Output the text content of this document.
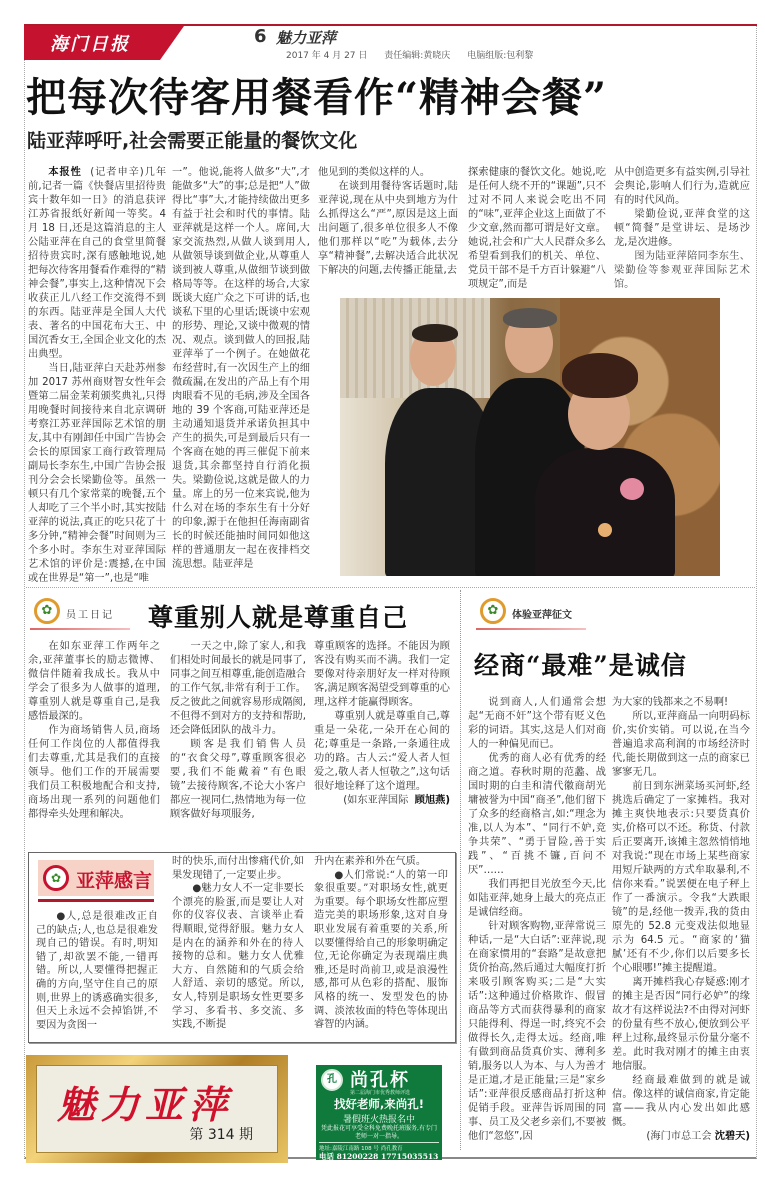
海门日报	6 魅力亚萍
2017 年 4 月 27 日 责任编辑:黄晓庆 电脑组版:包利黎
把每次待客用餐看作“精神会餐”
陆亚萍呼吁,社会需要正能量的餐饮文化

本报性 (记者申辛)几年前,记者一篇《快餐店里招待贵宾十数年如一日》的消息获评江苏省报纸好新闻一等奖。4 月 18 日,还是这篇消息的主人公陆亚萍在自己的食堂里简餐招待贵宾时,深有感触地说,她把每次待客用餐看作难得的“精神会餐”,事实上,这种情况下会收获正儿八经工作交流得不到的东西。陆亚萍是全国人大代表、著名的中国花布大王、中国沉香女王,全国企业文化的杰出典型。

当日,陆亚萍白天赴苏州参加 2017 苏州商财智女性年会暨第二届金茉莉颁奖典礼,只得用晚餐时间接待来自北京调研考察江苏亚萍国际艺术馆的朋友,其中有刚卸任中国广告协会会长的原国家工商行政管理局副局长李东生,中国广告协会报刊分会会长梁勤俭等。虽然一顿只有几个家常菜的晚餐,五个人却吃了三个半小时,其实按陆亚萍的说法,真正的吃只花了十多分钟,“精神会餐”时间则为三个多小时。李东生对亚萍国际艺术馆的评价是:震撼,在中国或在世界是“第一”,也是“唯

一”。他说,能将人做多“大”,才能做多“大”的事;总是把“人”做得比“事”大,才能持续做出更多有益于社会和时代的事情。陆亚萍就是这样一个人。席间,大家交流热烈,从做人谈到用人,从做领导谈到做企业,从尊重人谈到被人尊重,从做细节谈到做格局等等。在这样的场合,大家既谈大庭广众之下可讲的话,也谈私下里的心里话;既谈中宏观的形势、理论,又谈中微观的情况、观点。谈到做人的回报,陆亚萍举了一个例子。在她做花布经营时,有一次因生产上的细微疏漏,在发出的产品上有个用肉眼看不见的毛病,涉及全国各地的 39 个客商,可陆亚萍还是主动通知退货并承诺负担其中产生的损失,可是到最后只有一个客商在她的再三催促下前来退货,其余都坚持自行消化损失。梁勤俭说,这就是做人的力量。席上的另一位来宾说,他为什么对在场的李东生有十分好的印象,源于在他担任海南副省长的时候还能抽时间同如他这样的普通朋友一起在夜排档交流思想。陆亚萍是

他见到的类似这样的人。

在谈到用餐待客话题时,陆亚萍说,现在从中央到地方为什么抓得这么“严”,原因是这上面出问题了,很多单位很多人不像他们那样以“吃”为载体,去分享“精神餐”,去解决适合此状况下解决的问题,去传播正能量,去

探索健康的餐饮文化。她说,吃是任何人绕不开的“课题”,只不过对不同人来说会吃出不同的“味”,亚萍企业这上面做了不少文章,然而都可谓是好文章。她说,社会和广大人民群众多么希望看到我们的机关、单位、党员干部不是千方百计躲避“八项规定”,而是

从中创造更多有益实例,引导社会舆论,影响人们行为,造就应有的时代风尚。

梁勤俭说,亚萍食堂的这顿“简餐”是堂讲坛、是场沙龙,是次进修。

图为陆亚萍陪同李东生、梁勤俭等参观亚萍国际艺术馆。

✿	员工日记 尊重别人就是尊重自己

在如东亚萍工作两年之余,亚萍董事长的励志微博、微信伴随着我成长。我从中学会了很多为人做事的道理,尊重别人就是尊重自己,是我感悟最深的。

作为商场销售人员,商场任何工作岗位的人都值得我们去尊重,尤其是我们的直接领导。他们工作的开展需要我们员工积极地配合和支持,商场出现一系列的问题他们都得牵头处理和解决。

一天之中,除了家人,和我们相处时间最长的就是同事了,同事之间互相尊重,能创造融合的工作气氛,非常有利于工作。反之彼此之间就容易形成隔阂,不但得不到对方的支持和帮助,还会降低团队的战斗力。

顾客是我们销售人员的“衣食父母”,尊重顾客很必要,我们不能戴着“有色眼镜”去接待顾客,不论大小客户都应一视同仁,热情地为每一位顾客做好每项服务,

尊重顾客的选择。不能因为顾客没有购买而不满。我们一定要像对待亲朋好友一样对待顾客,满足顾客渴望受到尊重的心理,这样才能赢得顾客。

尊重别人就是尊重自己,尊重是一朵花,一朵开在心间的花;尊重是一条路,一条通往成功的路。古人云:“爱人者人恒爱之,敬人者人恒敬之”,这句话很好地诠释了这个道理。

(如东亚萍国际 顾旭燕)

✿	体验亚萍征文
经商“最难”是诚信

说到商人,人们通常会想起“无商不奸”这个带有贬义色彩的词语。其实,这是人们对商人的一种偏见而已。

优秀的商人必有优秀的经商之道。春秋时期的范蠡、战国时期的白圭和清代徽商胡光墉被誉为中国“商圣”,他们留下了众多的经商格言,如:“理念为准,以人为本”、“同行不妒,竞争共荣”、“勇于冒险,善于实践”、“百挑不镰,百问不厌”……

我们再把目光放至今天,比如陆亚萍,她身上最大的亮点正是诚信经商。

针对顾客购物,亚萍常说三种话,一是“大白话”:亚萍说,现在商家惯用的“套路”是故意把货价抬高,然后通过大幅度打折来吸引顾客购买;二是“大实话”:这种通过价格欺诈、假冒商品等方式而获得暴利的商家只能得利、得逞一时,终究不会做得长久,走得太远。经商,唯有做到商品货真价实、薄利多销,服务以人为本、与人为善才是正道,才是正能量;三是“家乡话”:亚萍很反感商品打折这种促销手段。亚萍告诉周围的同事、员工及父老乡亲们,不要被他们“忽悠”,因

为大家的钱都来之不易啊!

所以,亚萍商品一向明码标价,实价实销。可以说,在当今普遍追求高利润的市场经济时代,能长期做到这一点的商家已寥寥无几。

前日到东洲菜场买河虾,经挑选后确定了一家摊档。我对摊主爽快地表示:只要货真价实,价格可以不还。称货、付款后正要离开,该摊主忽然悄悄地对我说:“现在市场上某些商家用短斤缺两的方式牟取暴利,不信你来看。”说罢便在电子秤上作了一番演示。令我“大跌眼镜”的是,经他一拨弄,我的货由原先的 52.8 元变戏法似地显示为 64.5 元。“商家的‘猫腻’还有不少,你们以后要多长个心眼哪!”摊主提醒道。

离开摊档我心存疑惑:刚才的摊主是否因“同行必妒”的缘故才有这样说法?不由得对河虾的份量有些不放心,便放到公平秤上过称,最终显示份量分毫不差。此时我对刚才的摊主由衷地信服。

经商最难做到的就是诚信。像这样的诚信商家,肯定能富——我从内心发出如此感慨。

(海门市总工会 沈碧天)

✿ 亚萍感言

●人,总是很难改正自己的缺点;人,也总是很难发现自己的错误。有时,明知错了,却欲罢不能,一错再错。所以,人要懂得把握正确的方向,坚守住自己的原则,世界上的诱惑确实很多,但天上永远不会掉馅饼,不要因为贪图一

时的快乐,而付出惨痛代价,如果发现错了,一定要止步。

●魅力女人不一定非要长个漂亮的脸蛋,而是要让人对你的仪容仪表、言谈举止看得顺眼,觉得舒服。魅力女人是内在的涵养和外在的待人接物的总和。魅力女人优雅大方、自然随和的气质会给人舒适、亲切的感觉。所以,女人,特别是职场女性更要多学习、多看书、多交流、多实践,不断提

升内在素养和外在气质。

●人们常说:“人的第一印象很重要。”对职场女性,就更为重要。每个职场女性都应塑造完美的职场形象,这对自身职业发展有着重要的关系,所以要懂得给自己的形象明确定位,无论你确定为表现端庄典雅,还是时尚前卫,或是浪漫性感,都可从色彩的搭配、服饰风格的统一、发型发色的协调、淡浓妆面的特色等体现出睿智的内涵。

魅力亚萍
第 314 期
孔 尚孔杯
第二届海门市优秀教师评选
找好老师,来尚孔!
暑假班火热报名中
凭此报花可享受全科免费晚托班服务,有专门老师一对一指导。
地址:嘉陵江南路 108 号 尚孔教育
电话 81200228 17715035513
